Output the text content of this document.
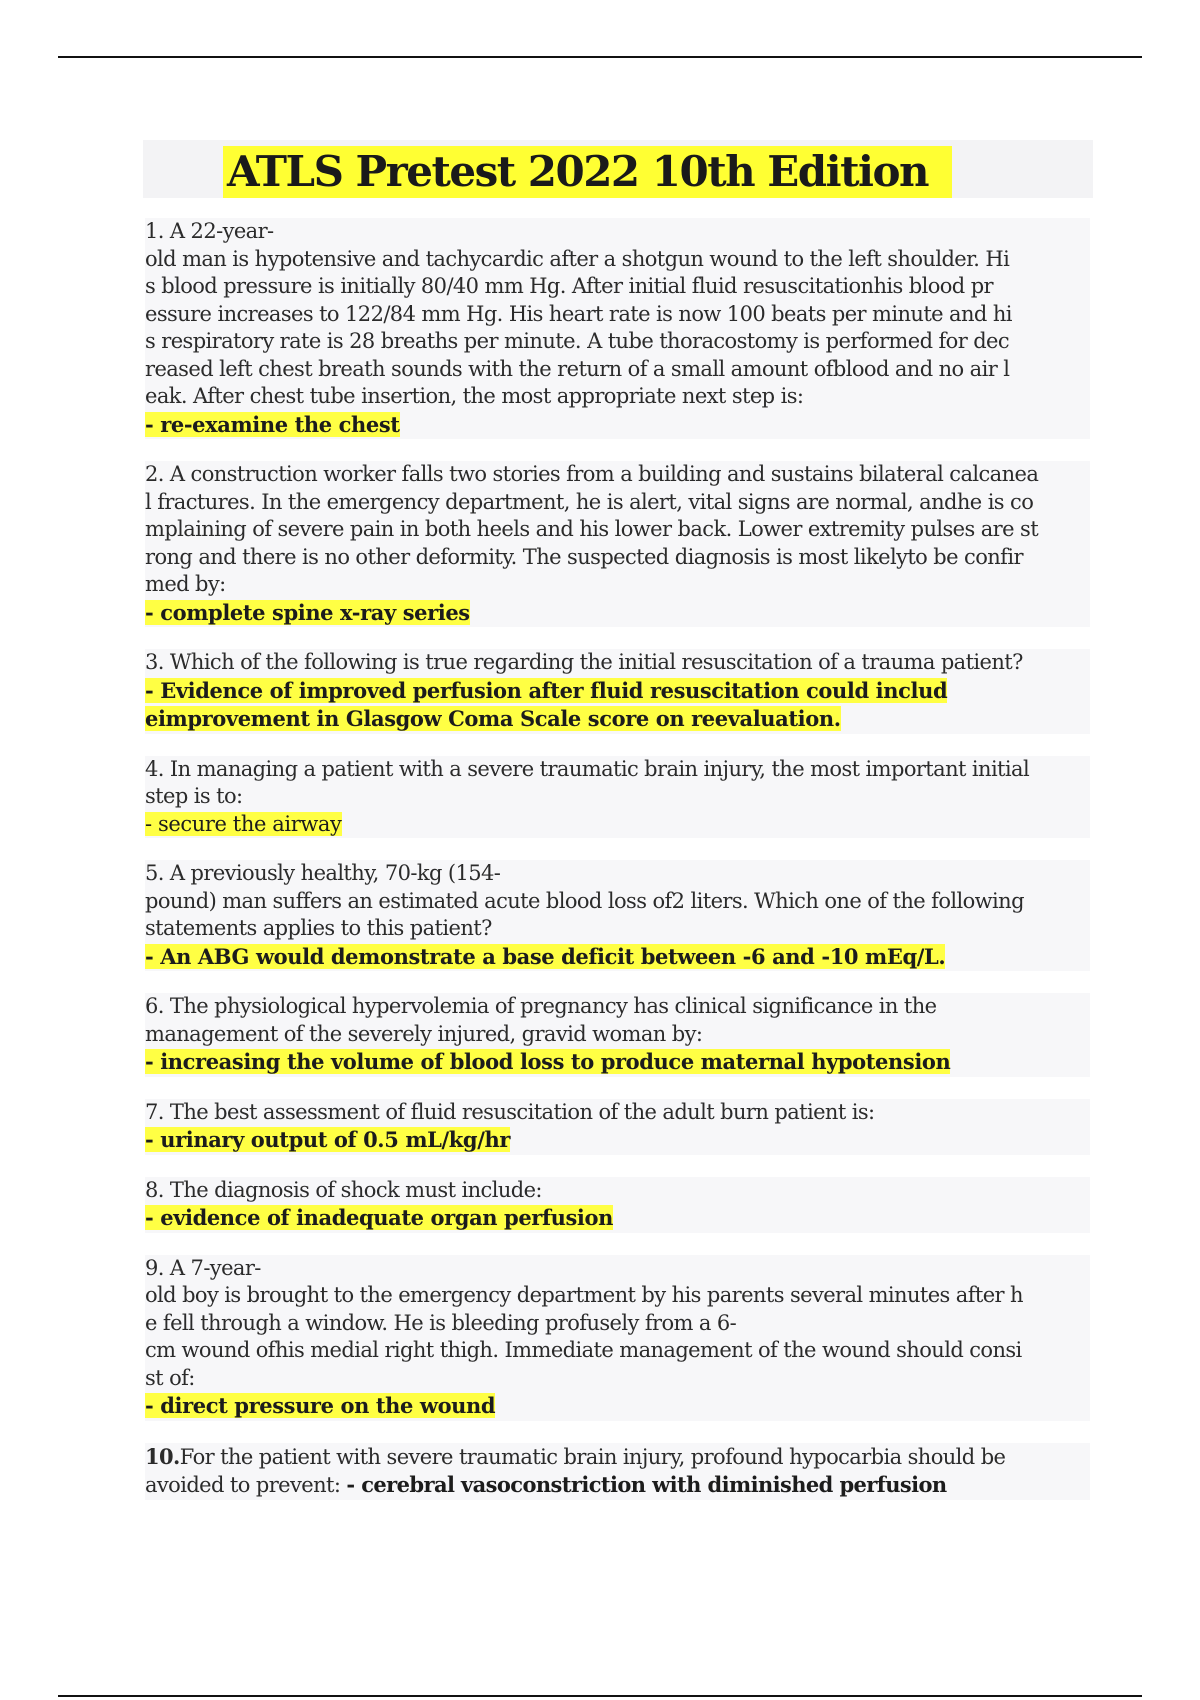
ATLS Pretest 2022 10th Edition

1. A 22-year-

old man is hypotensive and tachycardic after a shotgun wound to the left shoulder. Hi

s blood pressure is initially 80/40 mm Hg. After initial fluid resuscitationhis blood pr

essure increases to 122/84 mm Hg. His heart rate is now 100 beats per minute and hi

s respiratory rate is 28 breaths per minute. A tube thoracostomy is performed for dec

reased left chest breath sounds with the return of a small amount ofblood and no air l

eak. After chest tube insertion, the most appropriate next step is:

- re-examine the chest

2. A construction worker falls two stories from a building and sustains bilateral calcanea

l fractures. In the emergency department, he is alert, vital signs are normal, andhe is co

mplaining of severe pain in both heels and his lower back. Lower extremity pulses are st

rong and there is no other deformity. The suspected diagnosis is most likelyto be confir

med by:

- complete spine x-ray series

3. Which of the following is true regarding the initial resuscitation of a trauma patient?

- Evidence of improved perfusion after fluid resuscitation could includ

eimprovement in Glasgow Coma Scale score on reevaluation.

4. In managing a patient with a severe traumatic brain injury, the most important initial

step is to:

- secure the airway

5. A previously healthy, 70-kg (154-

pound) man suffers an estimated acute blood loss of2 liters. Which one of the following

statements applies to this patient?

- An ABG would demonstrate a base deficit between -6 and -10 mEq/L.

6. The physiological hypervolemia of pregnancy has clinical significance in the

management of the severely injured, gravid woman by:

- increasing the volume of blood loss to produce maternal hypotension

7. The best assessment of fluid resuscitation of the adult burn patient is:

- urinary output of 0.5 mL/kg/hr

8. The diagnosis of shock must include:

- evidence of inadequate organ perfusion

9. A 7-year-

old boy is brought to the emergency department by his parents several minutes after h

e fell through a window. He is bleeding profusely from a 6-

cm wound ofhis medial right thigh. Immediate management of the wound should consi

st of:

- direct pressure on the wound

10.For the patient with severe traumatic brain injury, profound hypocarbia should be

avoided to prevent: - cerebral vasoconstriction with diminished perfusion
